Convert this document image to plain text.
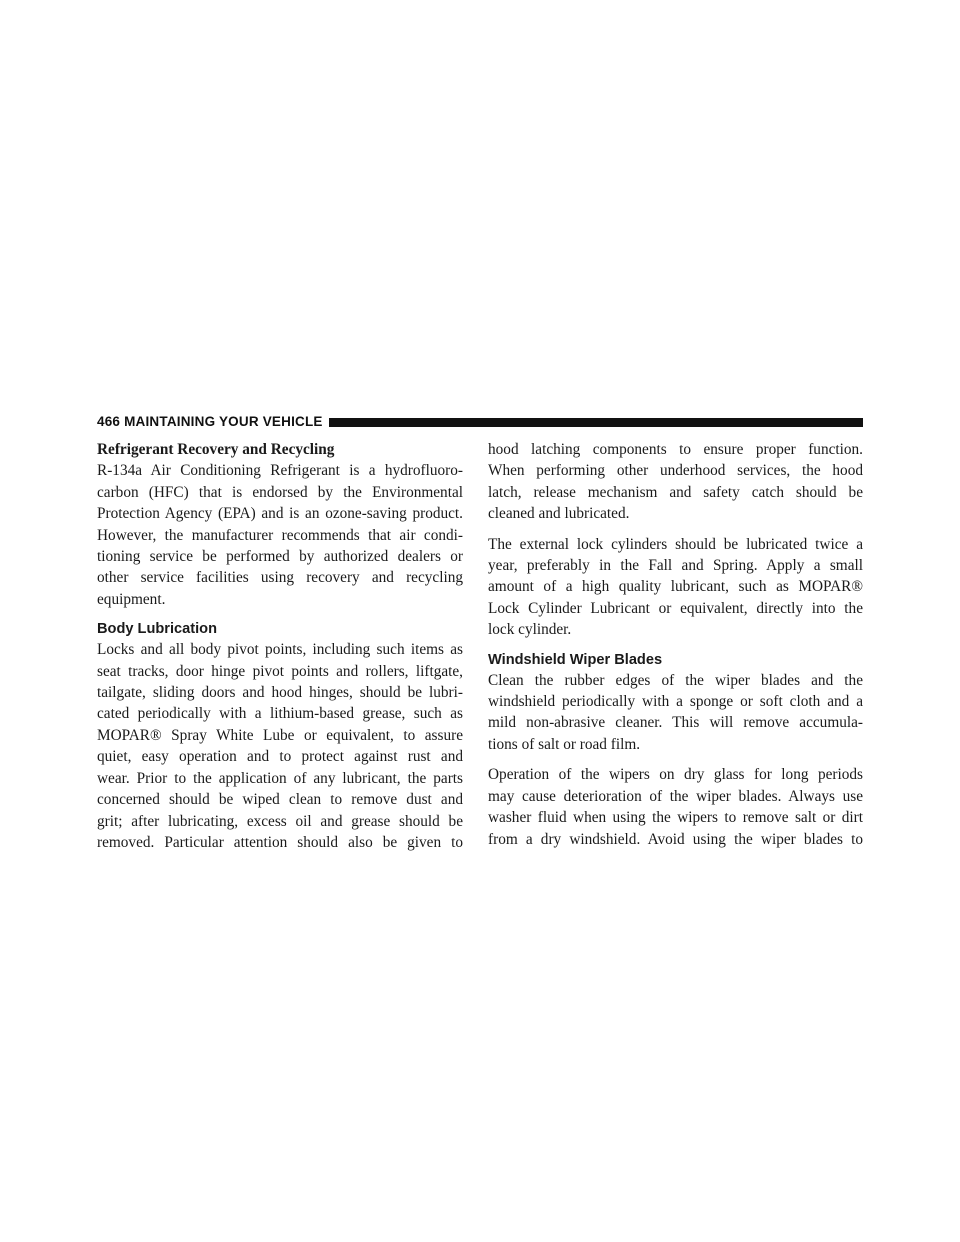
466 MAINTAINING YOUR VEHICLE
Refrigerant Recovery and Recycling

R-134a Air Conditioning Refrigerant is a hydrofluoro-
carbon (HFC) that is endorsed by the Environmental
Protection Agency (EPA) and is an ozone-saving product.
However, the manufacturer recommends that air condi-
tioning service be performed by authorized dealers or
other service facilities using recovery and recycling
equipment.

Body Lubrication

Locks and all body pivot points, including such items as
seat tracks, door hinge pivot points and rollers, liftgate,
tailgate, sliding doors and hood hinges, should be lubri-
cated periodically with a lithium-based grease, such as
MOPAR® Spray White Lube or equivalent, to assure
quiet, easy operation and to protect against rust and
wear. Prior to the application of any lubricant, the parts
concerned should be wiped clean to remove dust and
grit; after lubricating, excess oil and grease should be
removed. Particular attention should also be given to

hood latching components to ensure proper function.
When performing other underhood services, the hood
latch, release mechanism and safety catch should be
cleaned and lubricated.

The external lock cylinders should be lubricated twice a
year, preferably in the Fall and Spring. Apply a small
amount of a high quality lubricant, such as MOPAR®
Lock Cylinder Lubricant or equivalent, directly into the
lock cylinder.

Windshield Wiper Blades

Clean the rubber edges of the wiper blades and the
windshield periodically with a sponge or soft cloth and a
mild non-abrasive cleaner. This will remove accumula-
tions of salt or road film.

Operation of the wipers on dry glass for long periods
may cause deterioration of the wiper blades. Always use
washer fluid when using the wipers to remove salt or dirt
from a dry windshield. Avoid using the wiper blades to
